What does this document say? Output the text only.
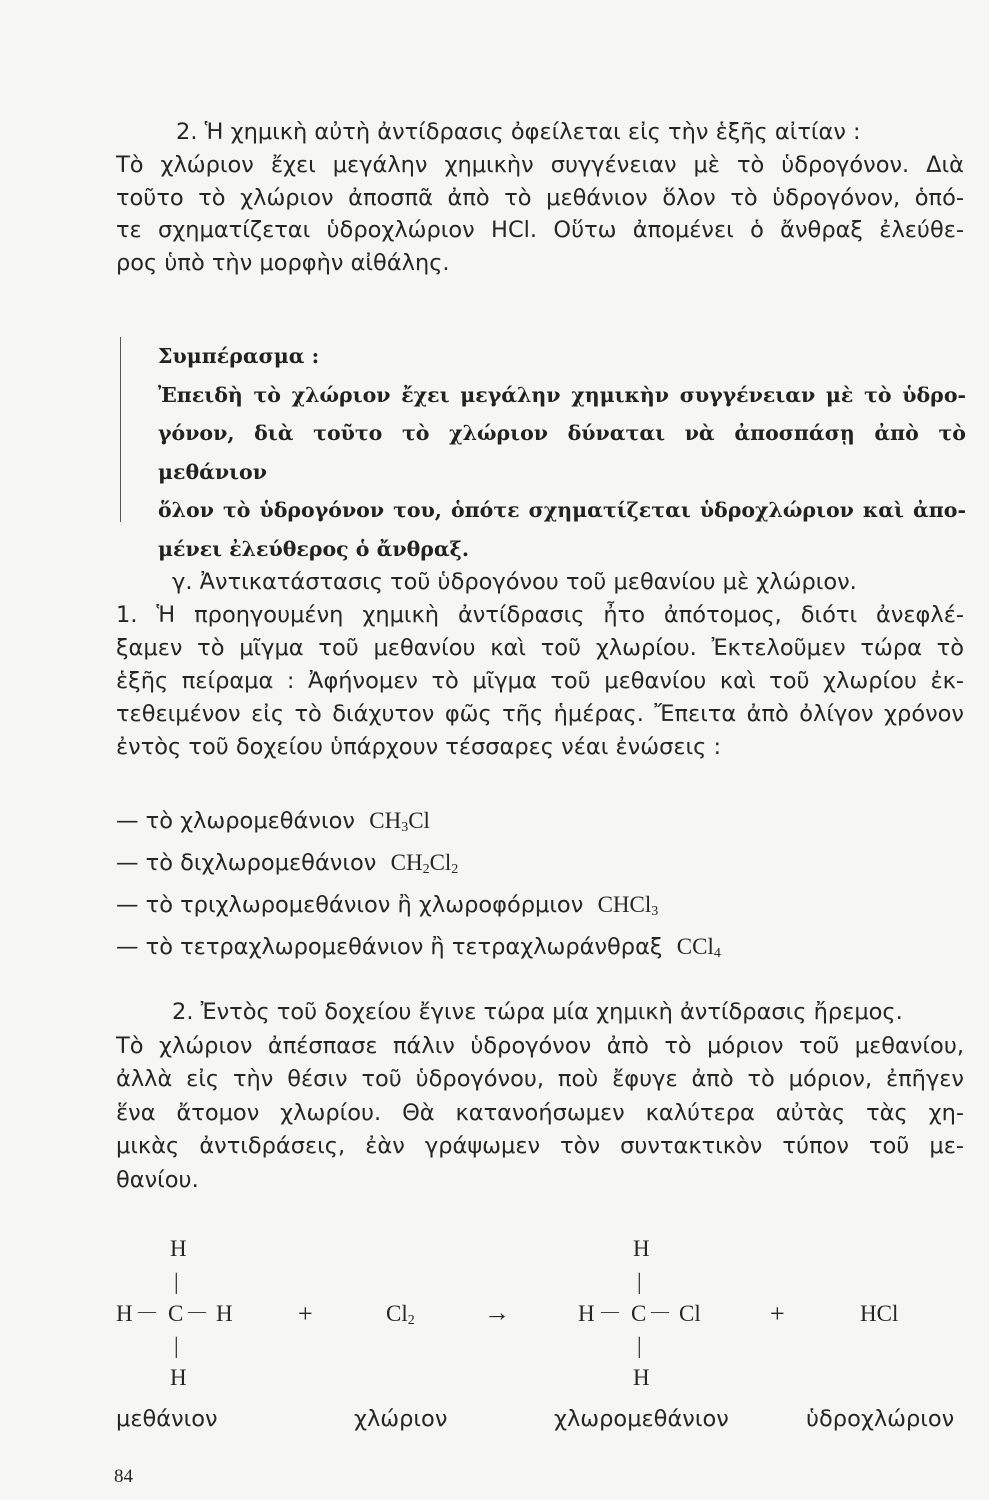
2. Ἡ χημικὴ αὐτὴ ἀντίδρασις ὀφείλεται εἰς τὴν ἑξῆς αἰτίαν :
Τὸ χλώριον ἔχει μεγάλην χημικὴν συγγένειαν μὲ τὸ ὑδρογόνον. Διὰ
τοῦτο τὸ χλώριον ἀποσπᾶ ἀπὸ τὸ μεθάνιον ὅλον τὸ ὑδρογόνον, ὁπό-
τε σχηματίζεται ὑδροχλώριον HCl. Οὕτω ἀπομένει ὁ ἄνθραξ ἐλεύθε-
ρος ὑπὸ τὴν μορφὴν αἰθάλης.
Συμπέρασμα :
Ἐπειδὴ τὸ χλώριον ἔχει μεγάλην χημικὴν συγγένειαν μὲ τὸ ὑδρο-
γόνον, διὰ τοῦτο τὸ χλώριον δύναται νὰ ἀποσπάσῃ ἀπὸ τὸ μεθάνιον
ὅλον τὸ ὑδρογόνον του, ὁπότε σχηματίζεται ὑδροχλώριον καὶ ἀπο-
μένει ἐλεύθερος ὁ ἄνθραξ.
γ. Ἀντικατάστασις τοῦ ὑδρογόνου τοῦ μεθανίου μὲ χλώριον.
1. Ἡ προηγουμένη χημικὴ ἀντίδρασις ἦτο ἀπότομος, διότι ἀνεφλέ-
ξαμεν τὸ μῖγμα τοῦ μεθανίου καὶ τοῦ χλωρίου. Ἐκτελοῦμεν τώρα τὸ
ἑξῆς πείραμα : Ἀφήνομεν τὸ μῖγμα τοῦ μεθανίου καὶ τοῦ χλωρίου ἐκ-
τεθειμένον εἰς τὸ διάχυτον φῶς τῆς ἡμέρας. Ἔπειτα ἀπὸ ὀλίγον χρόνον
ἐντὸς τοῦ δοχείου ὑπάρχουν τέσσαρες νέαι ἐνώσεις :
— τὸ χλωρομεθάνιον $CH_3Cl$
— τὸ διχλωρομεθάνιον $CH_2Cl_2$
— τὸ τριχλωρομεθάνιον ἢ χλωροφόρμιον CHCl$_3$
— τὸ τετραχλωρομεθάνιον ἢ τετραχλωράνθραξ CCl$_4$
2. Ἐντὸς τοῦ δοχείου ἔγινε τώρα μία χημικὴ ἀντίδρασις ἤρεμος.
Τὸ χλώριον ἀπέσπασε πάλιν ὑδρογόνον ἀπὸ τὸ μόριον τοῦ μεθανίου,
ἀλλὰ εἰς τὴν θέσιν τοῦ ὑδρογόνου, ποὺ ἔφυγε ἀπὸ τὸ μόριον, ἐπῆγεν
ἕνα ἄτομον χλωρίου. Θὰ κατανοήσωμεν καλύτερα αὐτὰς τὰς χη-
μικὰς ἀντιδράσεις, ἐὰν γράψωμεν τὸν συντακτικὸν τύπον τοῦ με-
θανίου.
H
|
H — C — H
|
H
+	$Cl_2$	→
H
|
H — C — Cl
|
H
+	HCl
μεθάνιον	χλώριον	χλωρομεθάνιον	ὑδροχλώριον
84
